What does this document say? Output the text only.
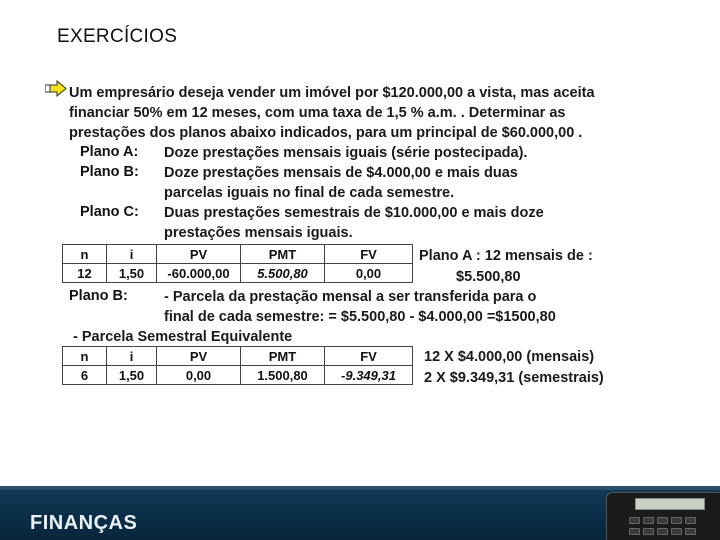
EXERCÍCIOS
Um empresário deseja vender um imóvel por $120.000,00 a vista, mas aceita
financiar 50% em 12 meses, com uma taxa de 1,5 % a.m. . Determinar as
prestações dos planos abaixo indicados, para um principal de $60.000,00 .
Plano A: Doze prestações mensais iguais (série postecipada).
Plano B: Doze prestações mensais de $4.000,00 e mais duas
parcelas iguais no final de cada semestre.
Plano C: Duas prestações semestrais de $10.000,00 e mais doze
prestações mensais iguais.
n	i	PV	PMT	FV
12	1,50	-60.000,00	5.500,80	0,00
Plano A : 12 mensais de :
$5.500,80
Plano B: - Parcela da prestação mensal a ser transferida para o
final de cada semestre: = $5.500,80 - $4.000,00 =$1500,80
- Parcela Semestral Equivalente
n	i	PV	PMT	FV
6	1,50	0,00	1.500,80	-9.349,31
12 X $4.000,00 (mensais)
2 X $9.349,31 (semestrais)
FINANÇAS
